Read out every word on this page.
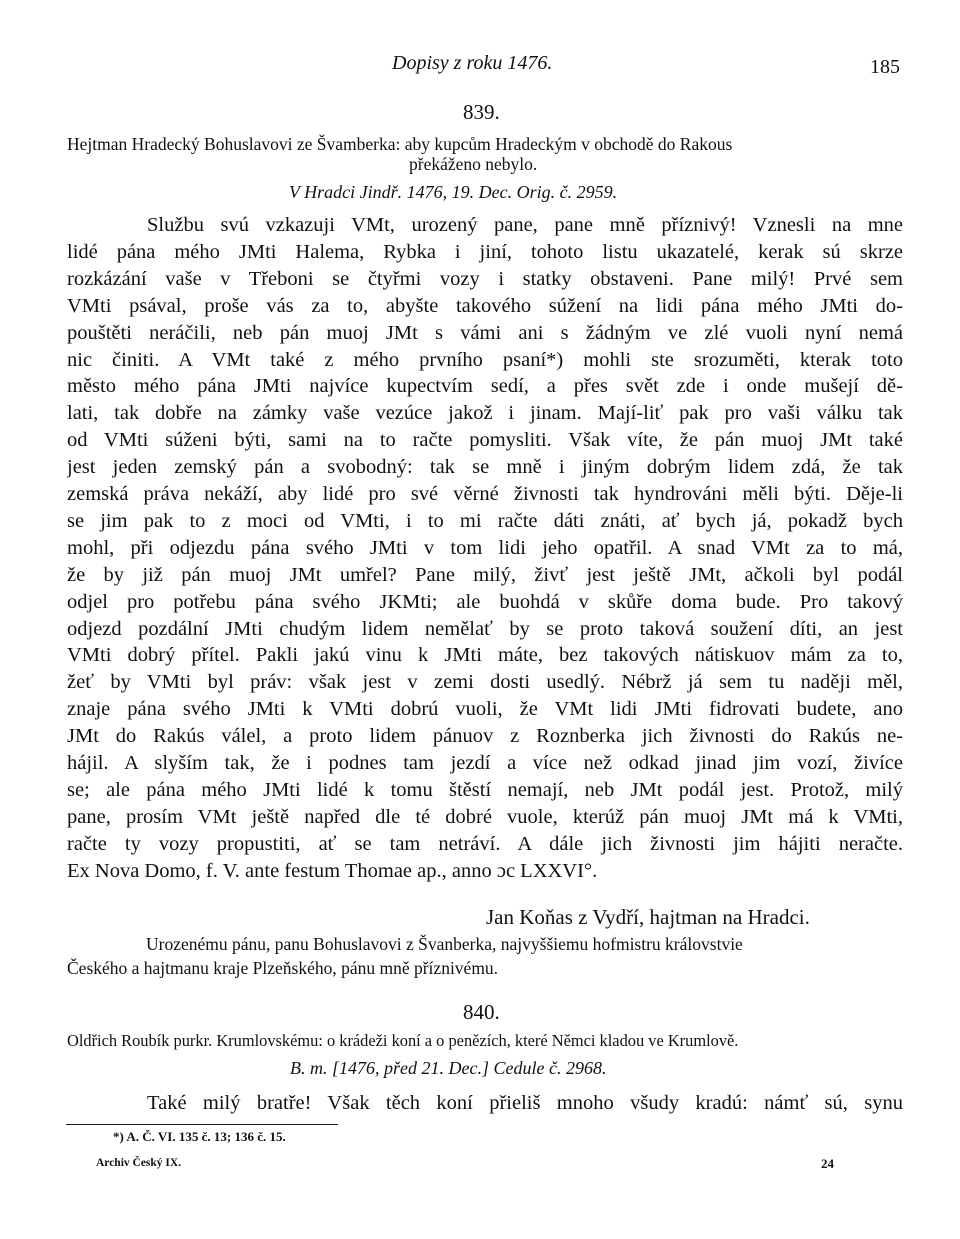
Dopisy z roku 1476.	185

839.

Hejtman Hradecký Bohuslavovi ze Švamberka: aby kupcům Hradeckým v obchodě do Rakous

překáženo nebylo.

V Hradci Jindř. 1476, 19. Dec. Orig. č. 2959.

Službu svú vzkazuji VMt, urozený pane, pane mně příznivý! Vznesli na mne

lidé pána mého JMti Halema, Rybka i jiní, tohoto listu ukazatelé, kerak sú skrze

rozkázání vaše v Třeboni se čtyřmi vozy i statky obstaveni. Pane milý! Prvé sem

VMti psával, proše vás za to, abyšte takového súžení na lidi pána mého JMti do-

pouštěti neráčili, neb pán muoj JMt s vámi ani s žádným ve zlé vuoli nyní nemá

nic činiti. A VMt také z mého prvního psaní*) mohli ste srozuměti, kterak toto

město mého pána JMti najvíce kupectvím sedí, a přes svět zde i onde mušejí dě-

lati, tak dobře na zámky vaše vezúce jakož i jinam. Mají-liť pak pro vaši válku tak

od VMti súženi býti, sami na to račte pomysliti. Však víte, že pán muoj JMt také

jest jeden zemský pán a svobodný: tak se mně i jiným dobrým lidem zdá, že tak

zemská práva nekáží, aby lidé pro své věrné živnosti tak hyndrováni měli býti. Děje-li

se jim pak to z moci od VMti, i to mi račte dáti znáti, ať bych já, pokadž bych

mohl, při odjezdu pána svého JMti v tom lidi jeho opatřil. A snad VMt za to má,

že by již pán muoj JMt umřel? Pane milý, živť jest ještě JMt, ačkoli byl podál

odjel pro potřebu pána svého JKMti; ale buohdá v skůře doma bude. Pro takový

odjezd pozdální JMti chudým lidem nemělať by se proto taková soužení díti, an jest

VMti dobrý přítel. Pakli jakú vinu k JMti máte, bez takových nátiskuov mám za to,

žeť by VMti byl práv: však jest v zemi dosti usedlý. Nébrž já sem tu naději měl,

znaje pána svého JMti k VMti dobrú vuoli, že VMt lidi JMti fidrovati budete, ano

JMt do Rakús válel, a proto lidem pánuov z Roznberka jich živnosti do Rakús ne-

hájil. A slyším tak, že i podnes tam jezdí a více než odkad jinad jim vozí, živíce

se; ale pána mého JMti lidé k tomu štěstí nemají, neb JMt podál jest. Protož, milý

pane, prosím VMt ještě napřed dle té dobré vuole, kterúž pán muoj JMt má k VMti,

račte ty vozy propustiti, ať se tam netráví. A dále jich živnosti jim hájiti neračte.

Ex Nova Domo, f. V. ante festum Thomae ap., anno ɔc LXXVI°.

Jan Koňas z Vydří, hajtman na Hradci.

Urozenému pánu, panu Bohuslavovi z Švanberka, najvyššiemu hofmistru královstvie

Českého a hajtmanu kraje Plzeňského, pánu mně příznivému.

840.

Oldřich Roubík purkr. Krumlovskému: o krádeži koní a o penězích, které Němci kladou ve Krumlově.

B. m. [1476, před 21. Dec.] Cedule č. 2968.

Také milý bratře! Však těch koní přieliš mnoho všudy kradú: námť sú, synu

*) A. Č. VI. 135 č. 13; 136 č. 15.

Archiv Český IX.	24
